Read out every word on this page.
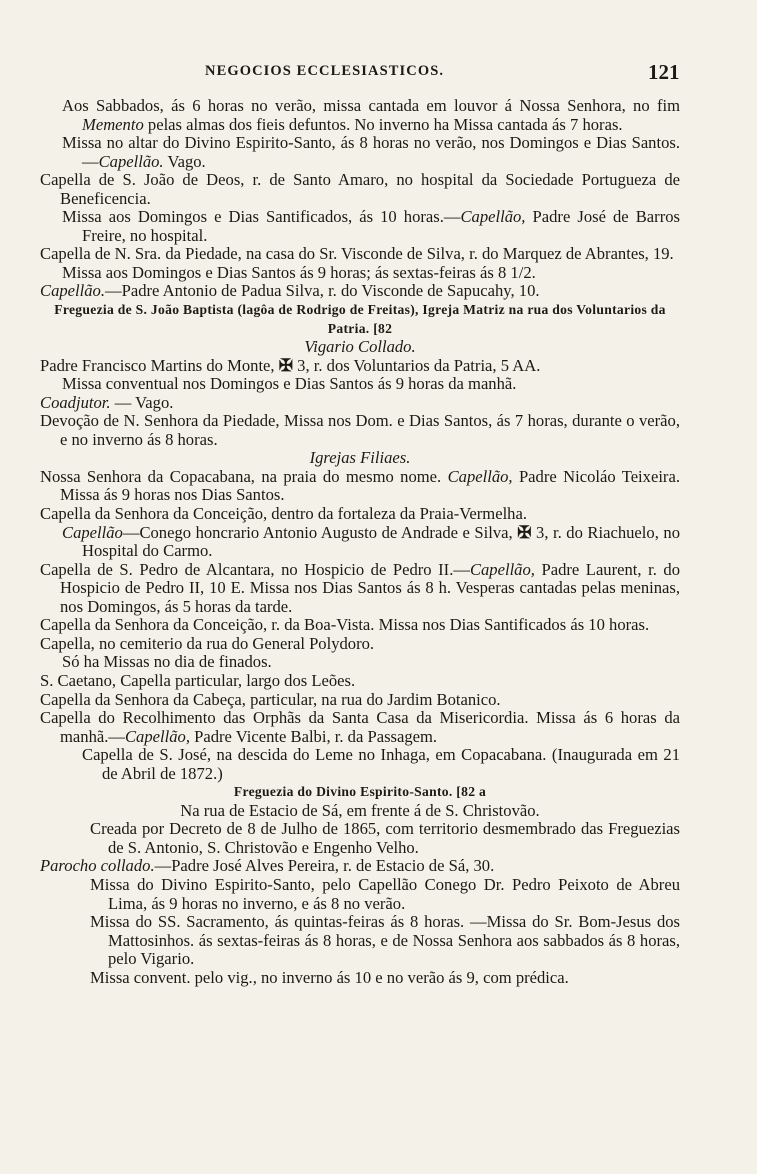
NEGOCIOS ECCLESIASTICOS.	121

Aos Sabbados, ás 6 horas no verão, missa cantada em louvor á Nossa Senhora, no fim Memento pelas almas dos fieis defuntos. No inverno ha Missa cantada ás 7 horas.

Missa no altar do Divino Espirito-Santo, ás 8 horas no verão, nos Domingos e Dias Santos.—Capellão. Vago.

Capella de S. João de Deos, r. de Santo Amaro, no hospital da Sociedade Portugueza de Beneficencia.

Missa aos Domingos e Dias Santificados, ás 10 horas.—Capellão, Padre José de Barros Freire, no hospital.

Capella de N. Sra. da Piedade, na casa do Sr. Visconde de Silva, r. do Marquez de Abrantes, 19.

Missa aos Domingos e Dias Santos ás 9 horas; ás sextas-feiras ás 8 1/2.

Capellão.—Padre Antonio de Padua Silva, r. do Visconde de Sapucahy, 10.

Freguezia de S. João Baptista (lagôa de Rodrigo de Freitas), Igreja Matriz na rua dos Voluntarios da Patria. [82

Vigario Collado.

Padre Francisco Martins do Monte, ✠ 3, r. dos Voluntarios da Patria, 5 AA.

Missa conventual nos Domingos e Dias Santos ás 9 horas da manhã.

Coadjutor. — Vago.

Devoção de N. Senhora da Piedade, Missa nos Dom. e Dias Santos, ás 7 horas, durante o verão, e no inverno ás 8 horas.

Igrejas Filiaes.

Nossa Senhora da Copacabana, na praia do mesmo nome. Capellão, Padre Nicoláo Teixeira. Missa ás 9 horas nos Dias Santos.

Capella da Senhora da Conceição, dentro da fortaleza da Praia-Vermelha.

Capellão—Conego honcrario Antonio Augusto de Andrade e Silva, ✠ 3, r. do Riachuelo, no Hospital do Carmo.

Capella de S. Pedro de Alcantara, no Hospicio de Pedro II.—Capellão, Padre Laurent, r. do Hospicio de Pedro II, 10 E. Missa nos Dias Santos ás 8 h. Vesperas cantadas pelas meninas, nos Domingos, ás 5 horas da tarde.

Capella da Senhora da Conceição, r. da Boa-Vista. Missa nos Dias Santificados ás 10 horas.

Capella, no cemiterio da rua do General Polydoro.

Só ha Missas no dia de finados.

S. Caetano, Capella particular, largo dos Leões.

Capella da Senhora da Cabeça, particular, na rua do Jardim Botanico.

Capella do Recolhimento das Orphãs da Santa Casa da Misericordia. Missa ás 6 horas da manhã.—Capellão, Padre Vicente Balbi, r. da Passagem.

Capella de S. José, na descida do Leme no Inhaga, em Copacabana. (Inaugurada em 21 de Abril de 1872.)

Freguezia do Divino Espirito-Santo. [82 a

Na rua de Estacio de Sá, em frente á de S. Christovão.

Creada por Decreto de 8 de Julho de 1865, com territorio desmembrado das Freguezias de S. Antonio, S. Christovão e Engenho Velho.

Parocho collado.—Padre José Alves Pereira, r. de Estacio de Sá, 30.

Missa do Divino Espirito-Santo, pelo Capellão Conego Dr. Pedro Peixoto de Abreu Lima, ás 9 horas no inverno, e ás 8 no verão.

Missa do SS. Sacramento, ás quintas-feiras ás 8 horas. —Missa do Sr. Bom-Jesus dos Mattosinhos. ás sextas-feiras ás 8 horas, e de Nossa Senhora aos sabbados ás 8 horas, pelo Vigario.

Missa convent. pelo vig., no inverno ás 10 e no verão ás 9, com prédica.
